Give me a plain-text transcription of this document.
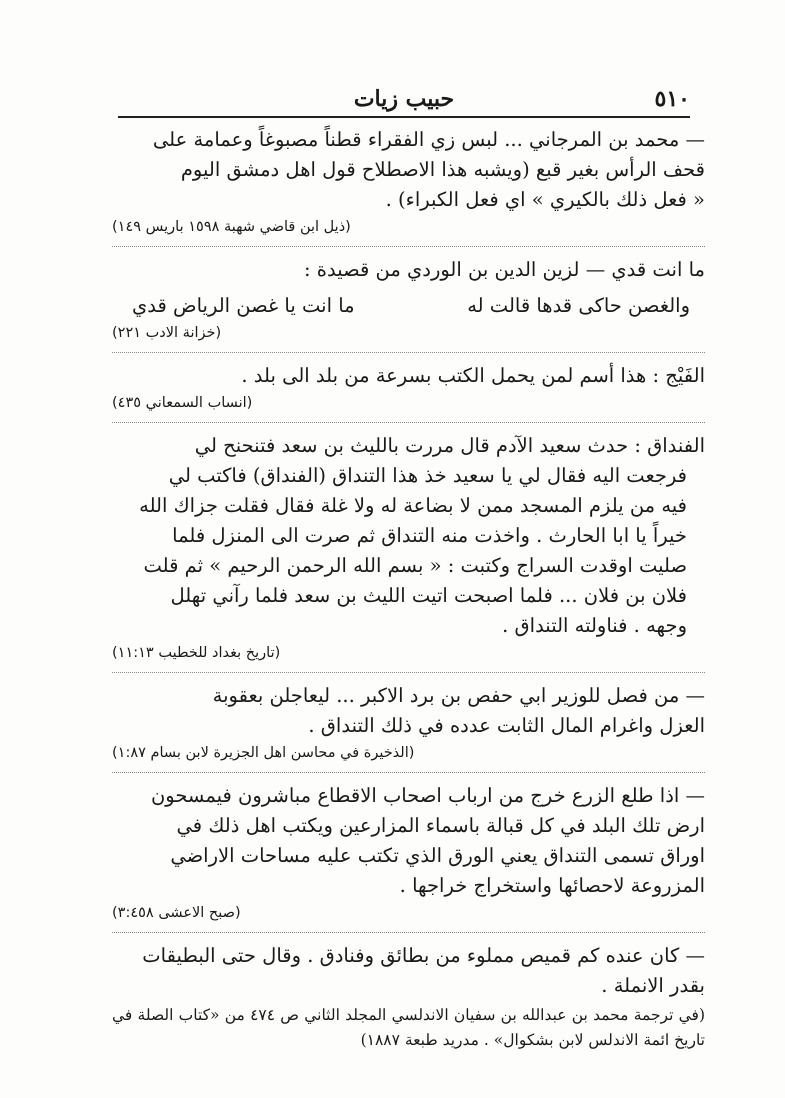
٥١٠
حبيب زيات

— محمد بن المرجاني ... لبس زي الفقراء قطناً مصبوغاً وعمامة على

قحف الرأس بغير قبع (ويشبه هذا الاصطلاح قول اهل دمشق اليوم

« فعل ذلك بالكيري » اي فعل الكبراء) .

(ذيل ابن قاضي شهبة ١٥٩٨ باريس ١٤٩)

ما انت قدي — لزين الدين بن الوردي من قصيدة :

والغصن حاكى قدها قالت له
ما انت يا غصن الرياض قدي
(خزانة الادب ٢٢١)

الفَيْج : هذا أسم لمن يحمل الكتب بسرعة من بلد الى بلد .

(انساب السمعاني ٤٣٥)

الفنداق : حدث سعيد الآدم قال مررت بالليث بن سعد فتنحنح لي

فرجعت اليه فقال لي يا سعيد خذ هذا التنداق (الفنداق) فاكتب لي

فيه من يلزم المسجد ممن لا بضاعة له ولا غلة فقال فقلت جزاك الله

خيراً يا ابا الحارث . واخذت منه التنداق ثم صرت الى المنزل فلما

صليت اوقدت السراج وكتبت : « بسم الله الرحمن الرحيم » ثم قلت

فلان بن فلان ... فلما اصبحت اتيت الليث بن سعد فلما رآني تهلل

وجهه . فناولته التنداق .

(تاريخ بغداد للخطيب ١١:١٣)

— من فصل للوزير ابي حفص بن برد الاكبر ... ليعاجلن بعقوبة

العزل واغرام المال الثابت عدده في ذلك التنداق .

(الذخيرة في محاسن اهل الجزيرة لابن بسام ١:٨٧)

— اذا طلع الزرع خرج من ارباب اصحاب الاقطاع مباشرون فيمسحون

ارض تلك البلد في كل قبالة باسماء المزارعين ويكتب اهل ذلك في

اوراق تسمى التنداق يعني الورق الذي تكتب عليه مساحات الاراضي

المزروعة لاحصائها واستخراج خراجها .

(صبح الاعشى ٣:٤٥٨)

— كان عنده كم قميص مملوء من بطائق وفنادق . وقال حتى البطيقات

بقدر الانملة .

(في ترجمة محمد بن عبدالله بن سفيان الاندلسي المجلد الثاني ص ٤٧٤ من «كتاب الصلة في تاريخ ائمة الاندلس لابن بشكوال» . مدريد طبعة ١٨٨٧)
